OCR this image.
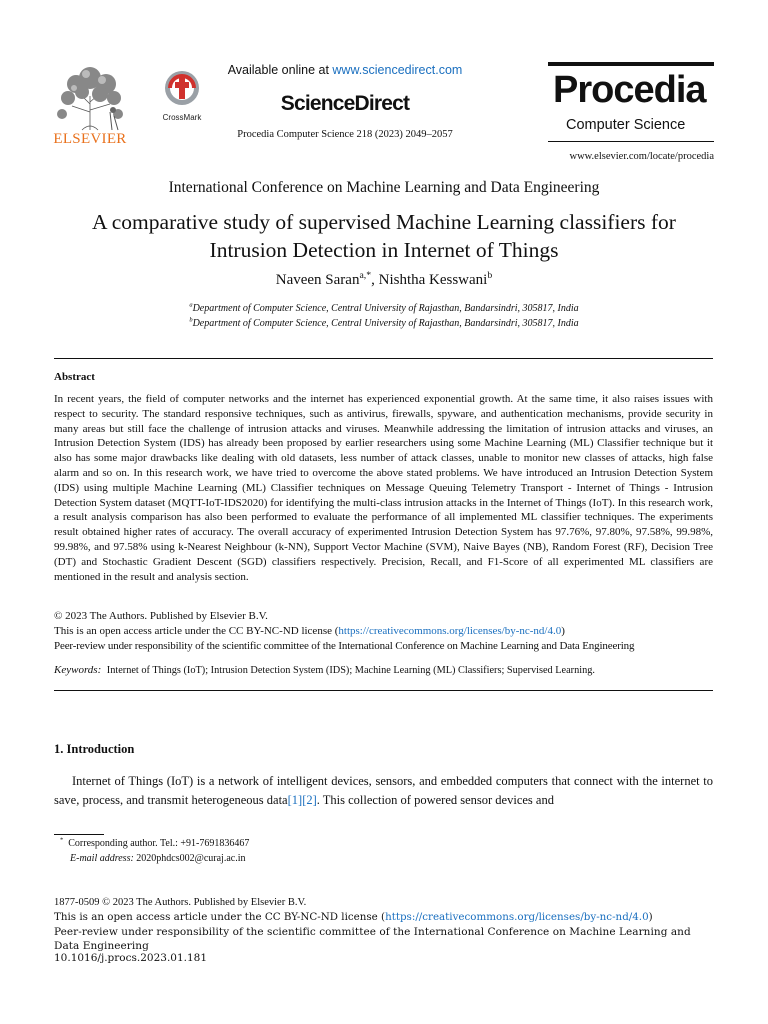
ELSEVIER
CrossMark
Available online at www.sciencedirect.com
ScienceDirect
Procedia Computer Science 218 (2023) 2049–2057
Procedia
Computer Science
www.elsevier.com/locate/procedia
International Conference on Machine Learning and Data Engineering
A comparative study of supervised Machine Learning classifiers for
Intrusion Detection in Internet of Things
Naveen Saran$^{a,*}$, Nishtha Kesswani$^b$
$^a$Department of Computer Science, Central University of Rajasthan, Bandarsindri, 305817, India
$^b$Department of Computer Science, Central University of Rajasthan, Bandarsindri, 305817, India
Abstract
In recent years, the field of computer networks and the internet has experienced exponential growth. At the same time, it also raises issues with respect to security. The standard responsive techniques, such as antivirus, firewalls, spyware, and authentication mechanisms, provide security in many areas but still face the challenge of intrusion attacks and viruses. Meanwhile addressing the limitation of intrusion attacks and viruses, an Intrusion Detection System (IDS) has already been proposed by earlier researchers using some Machine Learning (ML) Classifier technique but it also has some major drawbacks like dealing with old datasets, less number of attack classes, unable to monitor new classes of attacks, high false alarm and so on. In this research work, we have tried to overcome the above stated problems. We have introduced an Intrusion Detection System (IDS) using multiple Machine Learning (ML) Classifier techniques on Message Queuing Telemetry Transport - Internet of Things - Intrusion Detection System dataset (MQTT-IoT-IDS2020) for identifying the multi-class intrusion attacks in the Internet of Things (IoT). In this research work, a result analysis comparison has also been performed to evaluate the performance of all implemented ML classifier techniques. The experiments result obtained higher rates of accuracy. The overall accuracy of experimented Intrusion Detection System has 97.76%, 97.80%, 97.58%, 99.98%, 99.98%, and 97.58% using k-Nearest Neighbour (k-NN), Support Vector Machine (SVM), Naive Bayes (NB), Random Forest (RF), Decision Tree (DT) and Stochastic Gradient Descent (SGD) classifiers respectively. Precision, Recall, and F1-Score of all experimented ML classifiers are mentioned in the result and analysis section.
© 2023 The Authors. Published by Elsevier B.V.
This is an open access article under the CC BY-NC-ND license (https://creativecommons.org/licenses/by-nc-nd/4.0)
Peer-review under responsibility of the scientific committee of the International Conference on Machine Learning and Data Engineering
Keywords: Internet of Things (IoT); Intrusion Detection System (IDS); Machine Learning (ML) Classifiers; Supervised Learning.
1. Introduction
Internet of Things (IoT) is a network of intelligent devices, sensors, and embedded computers that connect with the internet to save, process, and transmit heterogeneous data[1][2]. This collection of powered sensor devices and
* Corresponding author. Tel.: +91-7691836467
E-mail address: 2020phdcs002@curaj.ac.in
1877-0509 © 2023 The Authors. Published by Elsevier B.V.
This is an open access article under the CC BY-NC-ND license (https://creativecommons.org/licenses/by-nc-nd/4.0)
Peer-review under responsibility of the scientific committee of the International Conference on Machine Learning and Data Engineering
10.1016/j.procs.2023.01.181
